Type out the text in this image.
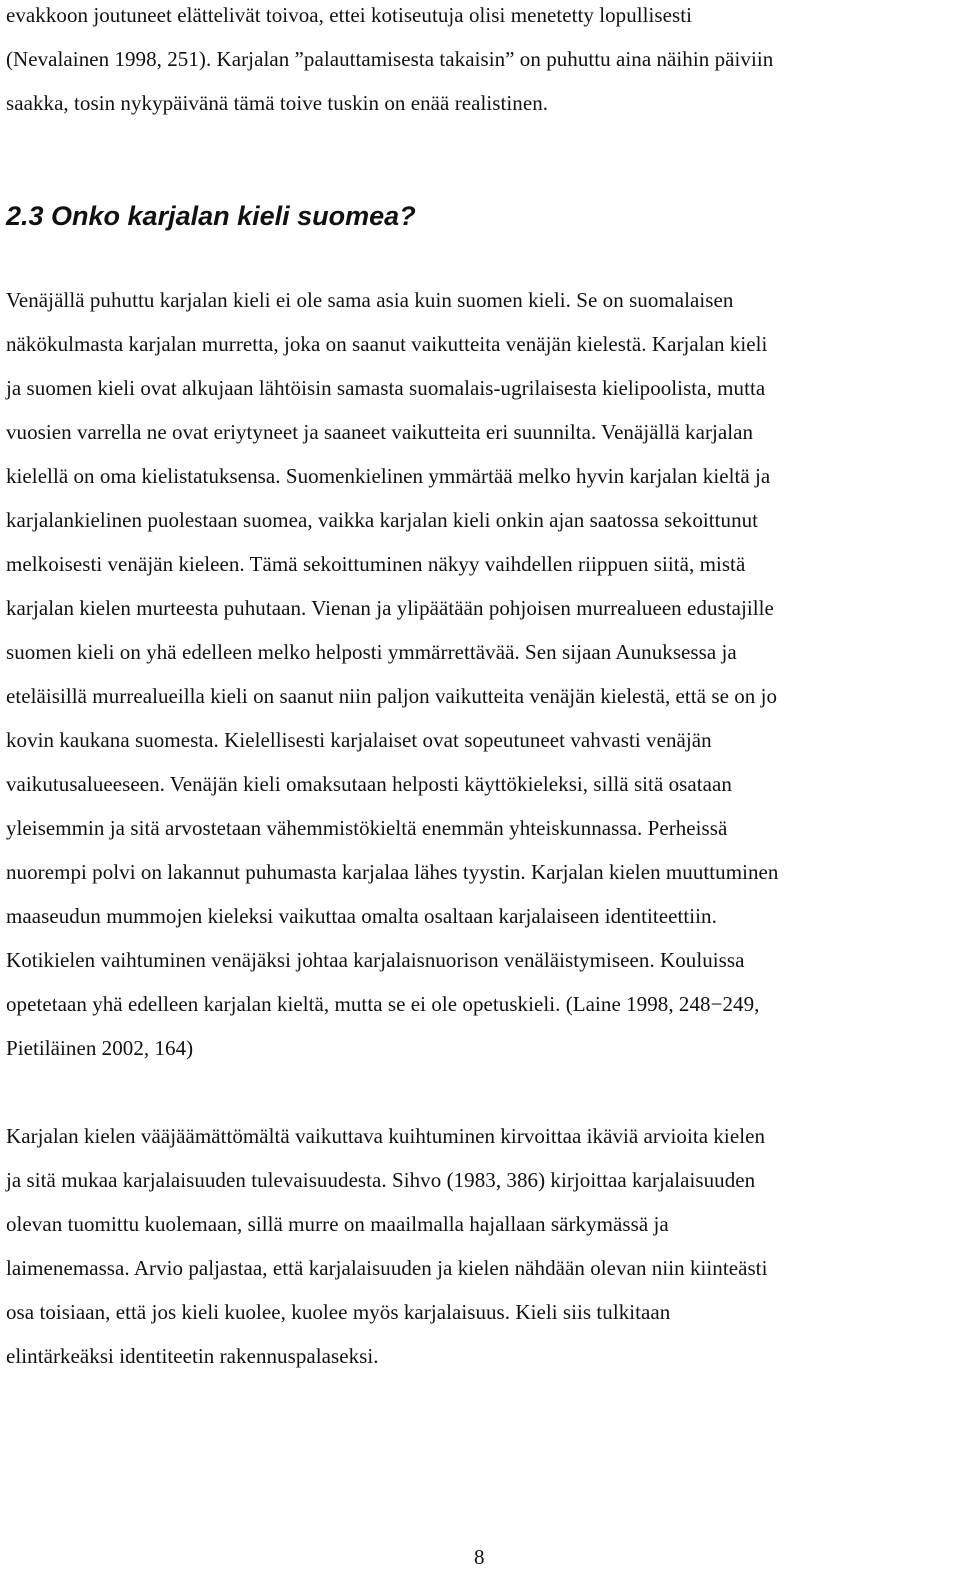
evakkoon joutuneet elättelivät toivoa, ettei kotiseutuja olisi menetetty lopullisesti
(Nevalainen 1998, 251). Karjalan ”palauttamisesta takaisin” on puhuttu aina näihin päiviin
saakka, tosin nykypäivänä tämä toive tuskin on enää realistinen.
2.3 Onko karjalan kieli suomea?
Venäjällä puhuttu karjalan kieli ei ole sama asia kuin suomen kieli. Se on suomalaisen
näkökulmasta karjalan murretta, joka on saanut vaikutteita venäjän kielestä. Karjalan kieli
ja suomen kieli ovat alkujaan lähtöisin samasta suomalais-ugrilaisesta kielipoolista, mutta
vuosien varrella ne ovat eriytyneet ja saaneet vaikutteita eri suunnilta. Venäjällä karjalan
kielellä on oma kielistatuksensa. Suomenkielinen ymmärtää melko hyvin karjalan kieltä ja
karjalankielinen puolestaan suomea, vaikka karjalan kieli onkin ajan saatossa sekoittunut
melkoisesti venäjän kieleen. Tämä sekoittuminen näkyy vaihdellen riippuen siitä, mistä
karjalan kielen murteesta puhutaan. Vienan ja ylipäätään pohjoisen murrealueen edustajille
suomen kieli on yhä edelleen melko helposti ymmärrettävää. Sen sijaan Aunuksessa ja
eteläisillä murrealueilla kieli on saanut niin paljon vaikutteita venäjän kielestä, että se on jo
kovin kaukana suomesta. Kielellisesti karjalaiset ovat sopeutuneet vahvasti venäjän
vaikutusalueeseen. Venäjän kieli omaksutaan helposti käyttökieleksi, sillä sitä osataan
yleisemmin ja sitä arvostetaan vähemmistökieltä enemmän yhteiskunnassa. Perheissä
nuorempi polvi on lakannut puhumasta karjalaa lähes tyystin. Karjalan kielen muuttuminen
maaseudun mummojen kieleksi vaikuttaa omalta osaltaan karjalaiseen identiteettiin.
Kotikielen vaihtuminen venäjäksi johtaa karjalaisnuorison venäläistymiseen. Kouluissa
opetetaan yhä edelleen karjalan kieltä, mutta se ei ole opetuskieli. (Laine 1998, 248−249,
Pietiläinen 2002, 164)
Karjalan kielen vääjäämättömältä vaikuttava kuihtuminen kirvoittaa ikäviä arvioita kielen
ja sitä mukaa karjalaisuuden tulevaisuudesta. Sihvo (1983, 386) kirjoittaa karjalaisuuden
olevan tuomittu kuolemaan, sillä murre on maailmalla hajallaan särkymässä ja
laimenemassa. Arvio paljastaa, että karjalaisuuden ja kielen nähdään olevan niin kiinteästi
osa toisiaan, että jos kieli kuolee, kuolee myös karjalaisuus. Kieli siis tulkitaan
elintärkeäksi identiteetin rakennuspalaseksi.
8
